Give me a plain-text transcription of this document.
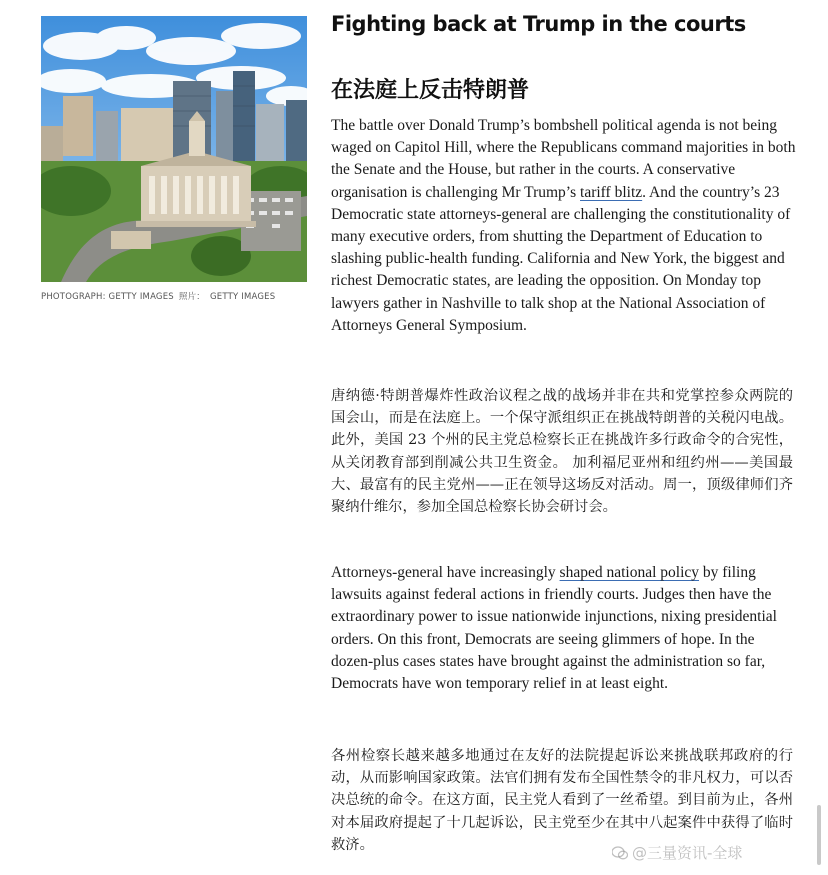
PHOTOGRAPH: GETTY IMAGES 照片： GETTY IMAGES
Fighting back at Trump in the courts
在法庭上反击特朗普

The battle over Donald Trump’s bombshell political agenda is not being waged on Capitol Hill, where the Republicans command majorities in both the Senate and the House, but rather in the courts. A conservative organisation is challenging Mr Trump’s tariff blitz. And the country’s 23 Democratic state attorneys-general are challenging the constitutionality of many executive orders, from shutting the Department of Education to slashing public-health funding. California and New York, the biggest and richest Democratic states, are leading the opposition. On Monday top lawyers gather in Nashville to talk shop at the National Association of Attorneys General Symposium.

唐纳德·特朗普爆炸性政治议程之战的战场并非在共和党掌控参众两院的国会山，而是在法庭上。一个保守派组织正在挑战特朗普的关税闪电战。此外，美国 23 个州的民主党总检察长正在挑战许多行政命令的合宪性，从关闭教育部到削减公共卫生资金。 加利福尼亚州和纽约州——美国最大、最富有的民主党州——正在领导这场反对活动。周一，顶级律师们齐聚纳什维尔，参加全国总检察长协会研讨会。

Attorneys-general have increasingly shaped national policy by filing lawsuits against federal actions in friendly courts. Judges then have the extraordinary power to issue nationwide injunctions, nixing presidential orders. On this front, Democrats are seeing glimmers of hope. In the dozen-plus cases states have brought against the administration so far, Democrats have won temporary relief in at least eight.

各州检察长越来越多地通过在友好的法院提起诉讼来挑战联邦政府的行动，从而影响国家政策。法官们拥有发布全国性禁令的非凡权力，可以否决总统的命令。在这方面，民主党人看到了一丝希望。到目前为止，各州对本届政府提起了十几起诉讼，民主党至少在其中八起案件中获得了临时救济。	@三量资讯-全球
